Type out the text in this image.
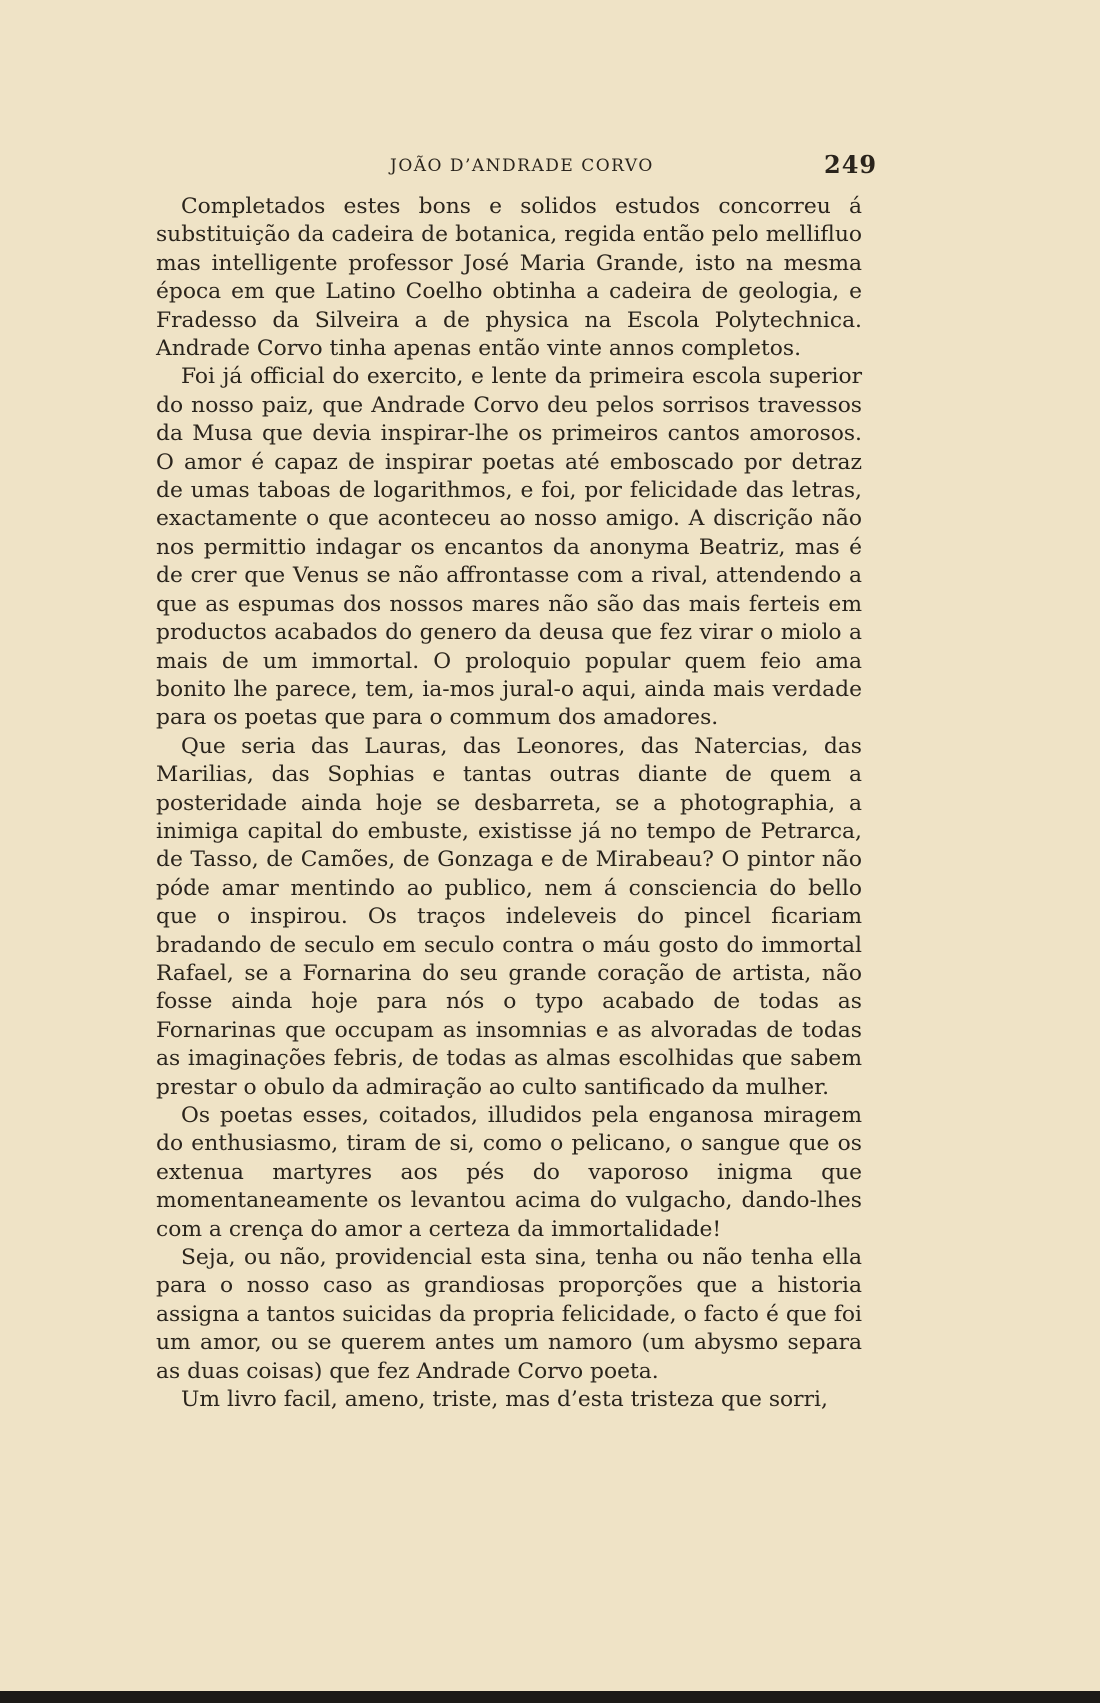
JOÃO D’ANDRADE CORVO	249

Completados estes bons e solidos estudos concorreu á substituição da cadeira de botanica, regida então pelo mellifluo mas intelligente professor José Maria Grande, isto na mesma época em que Latino Coelho obtinha a cadeira de geologia, e Fradesso da Silveira a de physica na Escola Polytechnica. Andrade Corvo tinha apenas então vinte annos completos.

Foi já official do exercito, e lente da primeira escola superior do nosso paiz, que Andrade Corvo deu pelos sorrisos travessos da Musa que devia inspirar-lhe os primeiros cantos amorosos. O amor é capaz de inspirar poetas até emboscado por detraz de umas taboas de logarithmos, e foi, por felicidade das letras, exactamente o que aconteceu ao nosso amigo. A discrição não nos permittio indagar os encantos da anonyma Beatriz, mas é de crer que Venus se não affrontasse com a rival, attendendo a que as espumas dos nossos mares não são das mais ferteis em productos acabados do genero da deusa que fez virar o miolo a mais de um immortal. O proloquio popular quem feio ama bonito lhe parece, tem, ia-mos jural-o aqui, ainda mais verdade para os poetas que para o commum dos amadores.

Que seria das Lauras, das Leonores, das Natercias, das Marilias, das Sophias e tantas outras diante de quem a posteridade ainda hoje se desbarreta, se a photographia, a inimiga capital do embuste, existisse já no tempo de Petrarca, de Tasso, de Camões, de Gonzaga e de Mirabeau? O pintor não póde amar mentindo ao publico, nem á consciencia do bello que o inspirou. Os traços indeleveis do pincel ficariam bradando de seculo em seculo contra o máu gosto do immortal Rafael, se a Fornarina do seu grande coração de artista, não fosse ainda hoje para nós o typo acabado de todas as Fornarinas que occupam as insomnias e as alvoradas de todas as imaginações febris, de todas as almas escolhidas que sabem prestar o obulo da admiração ao culto santificado da mulher.

Os poetas esses, coitados, illudidos pela enganosa miragem do enthusiasmo, tiram de si, como o pelicano, o sangue que os extenua martyres aos pés do vaporoso inigma que momentaneamente os levantou acima do vulgacho, dando-lhes com a crença do amor a certeza da immortalidade!

Seja, ou não, providencial esta sina, tenha ou não tenha ella para o nosso caso as grandiosas proporções que a historia assigna a tantos suicidas da propria felicidade, o facto é que foi um amor, ou se querem antes um namoro (um abysmo separa as duas coisas) que fez Andrade Corvo poeta.

Um livro facil, ameno, triste, mas d’esta tristeza que sorri,
